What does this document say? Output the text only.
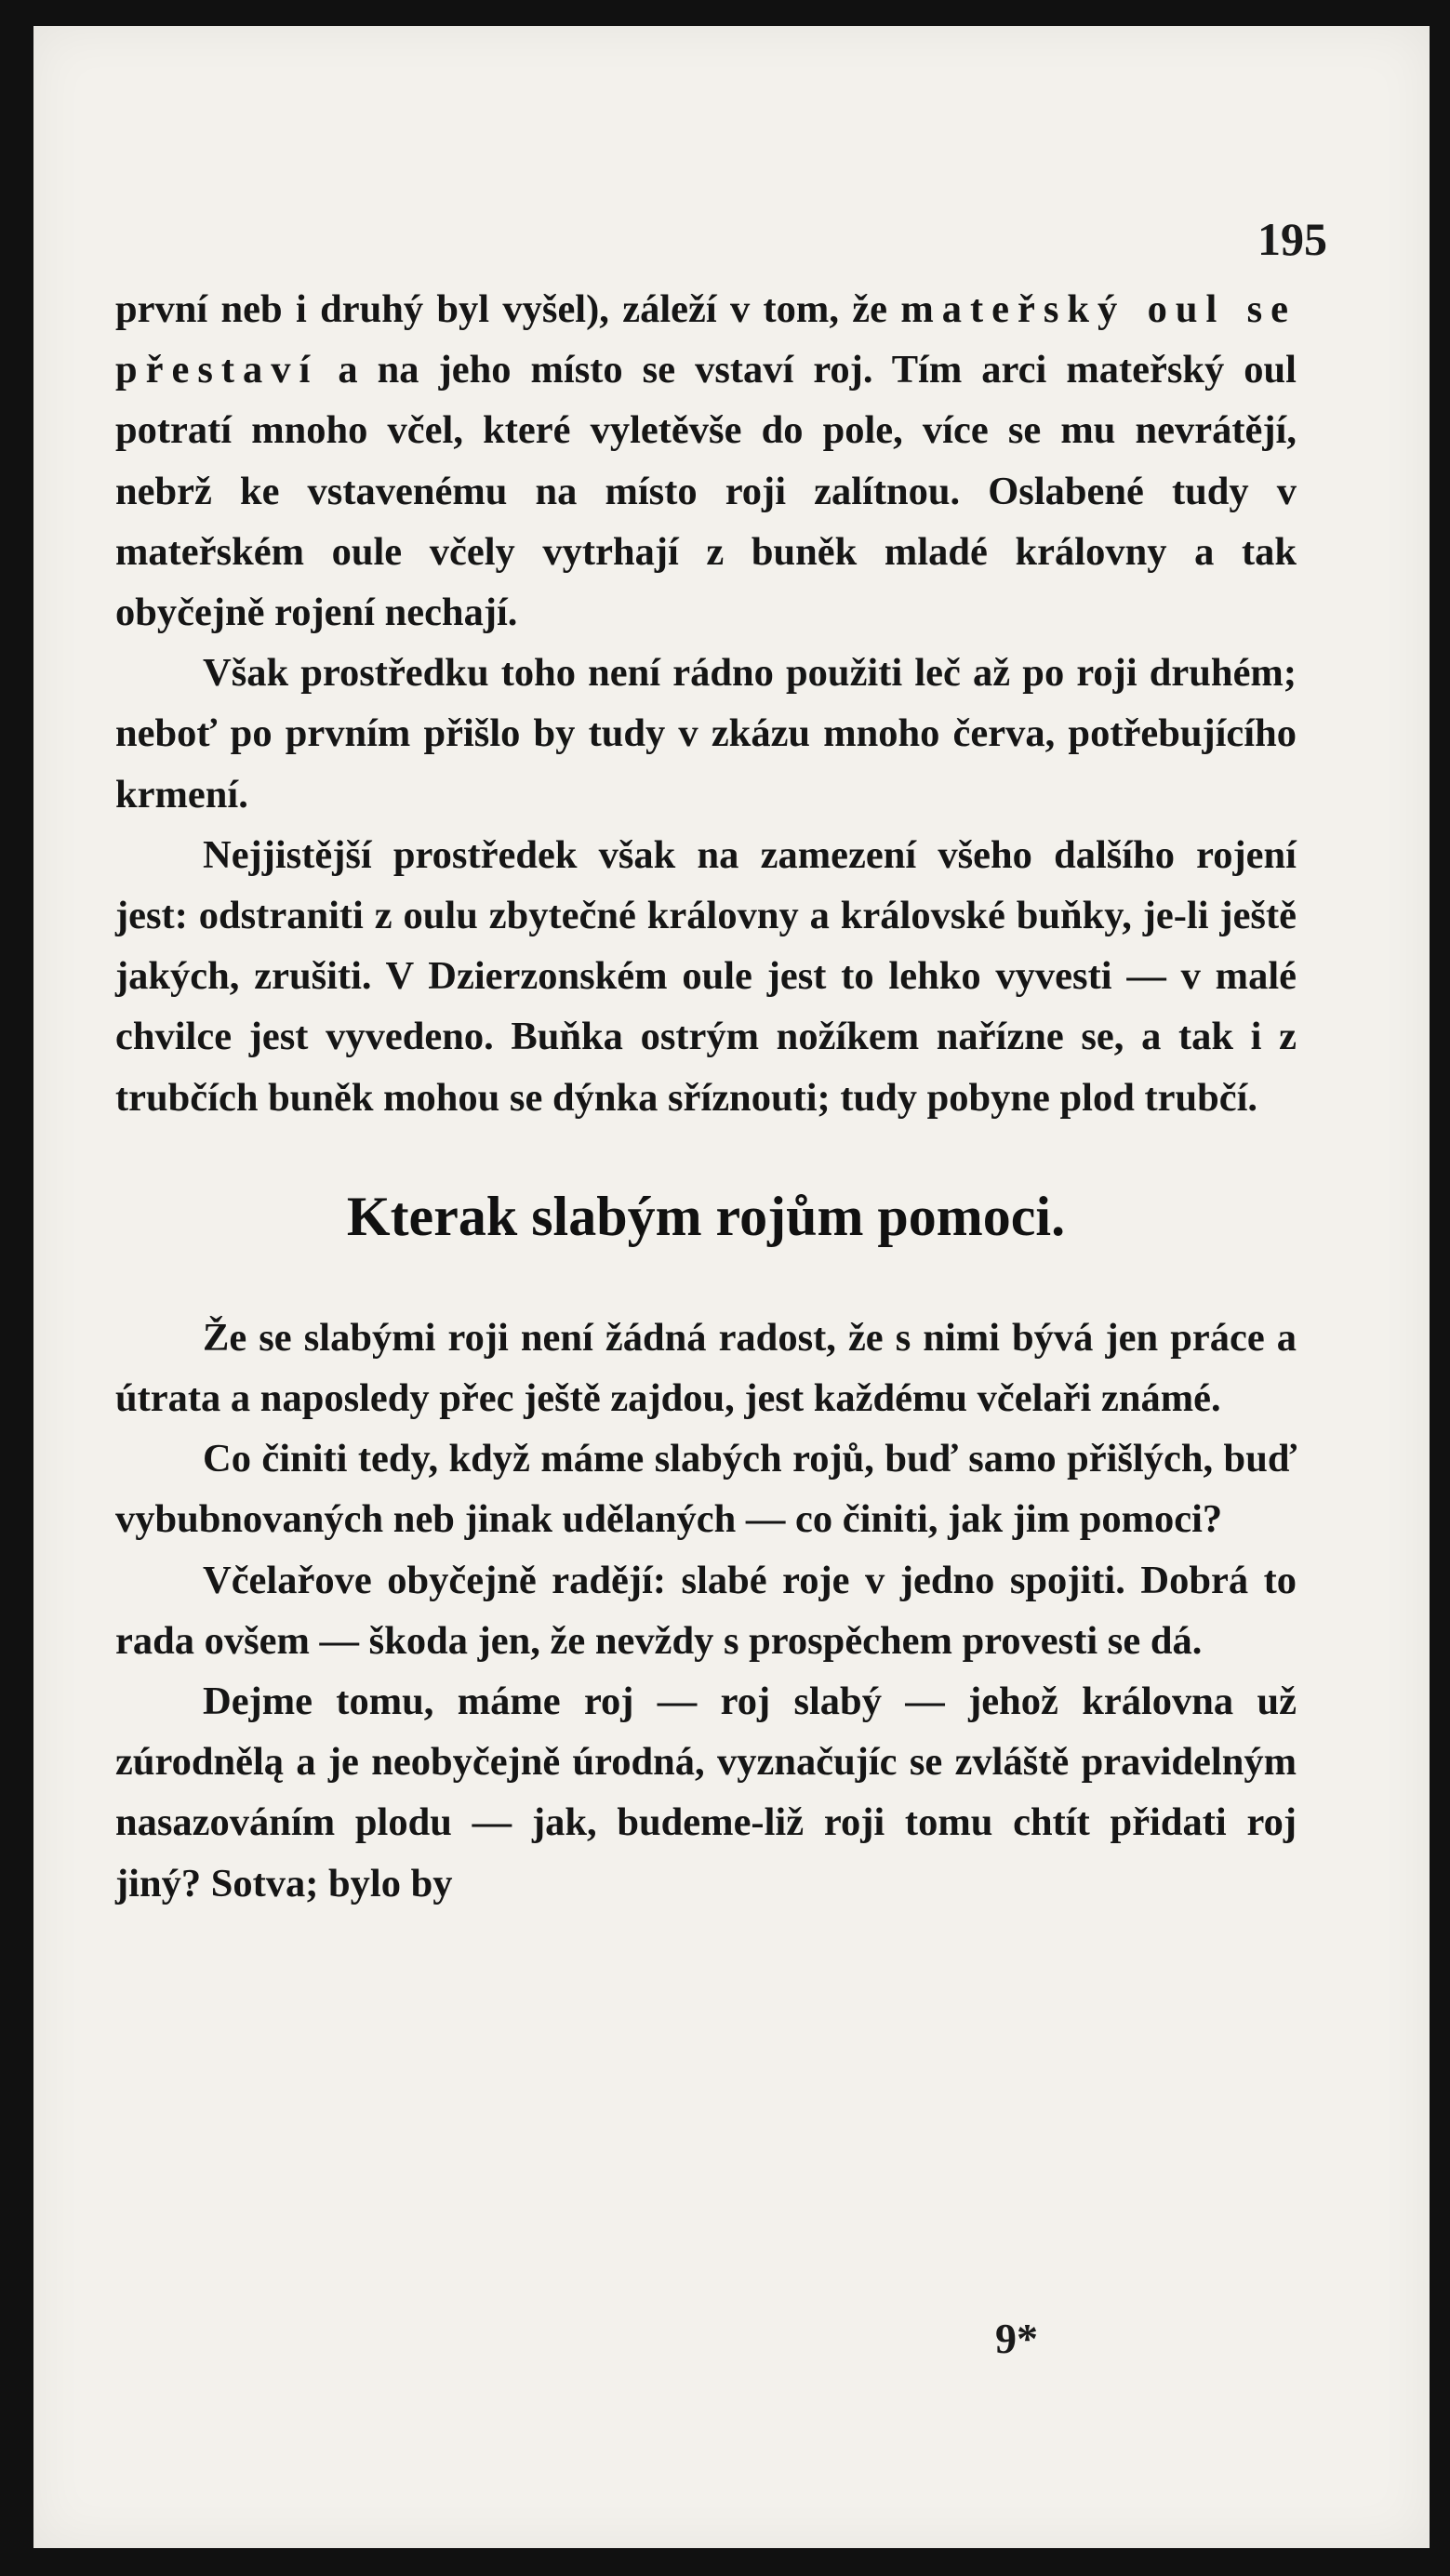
195

první neb i druhý byl vyšel), záleží v tom, že mateřský oul se přestaví a na jeho místo se vstaví roj. Tím arci mateřský oul potratí mnoho včel, které vyletěvše do pole, více se mu nevrátějí, nebrž ke vstavenému na místo roji zalítnou. Oslabené tudy v mateřském oule včely vytrhají z buněk mladé královny a tak obyčejně rojení nechají.

Však prostředku toho není rádno použiti leč až po roji druhém; neboť po prvním přišlo by tudy v zkázu mnoho červa, potřebujícího krmení.

Nejjistější prostředek však na zamezení všeho dalšího rojení jest: odstraniti z oulu zbytečné královny a královské buňky, je-li ještě jakých, zrušiti. V Dzierzonském oule jest to lehko vyvesti — v malé chvilce jest vyvedeno. Buňka ostrým nožíkem nařízne se, a tak i z trubčích buněk mohou se dýnka sříznouti; tudy pobyne plod trubčí.

Kterak slabým rojům pomoci.

Že se slabými roji není žádná radost, že s nimi bývá jen práce a útrata a naposledy přec ještě zajdou, jest každému včelaři známé.

Co činiti tedy, když máme slabých rojů, buď samo přišlých, buď vybubnovaných neb jinak udělaných — co činiti, jak jim pomoci?

Včelařove obyčejně radějí: slabé roje v jedno spojiti. Dobrá to rada ovšem — škoda jen, že nevždy s prospěchem provesti se dá.

Dejme tomu, máme roj — roj slabý — jehož královna už zúrodnělą a je neobyčejně úrodná, vyznačujíc se zvláště pravidelným nasazováním plodu — jak, budeme-liž roji tomu chtít přidati roj jiný? Sotva; bylo by

9*
